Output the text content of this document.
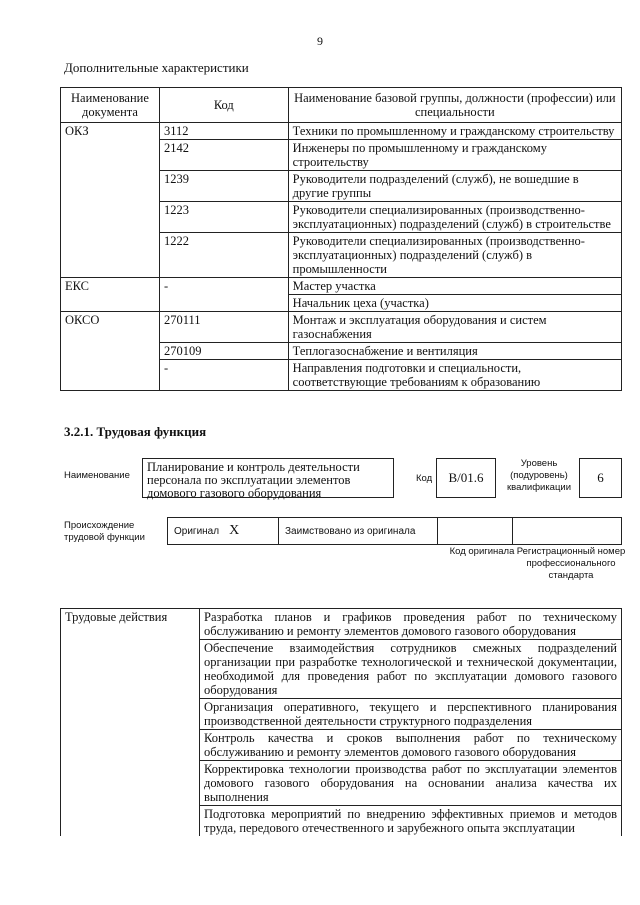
9
Дополнительные характеристики
Наименование документа	Код	Наименование базовой группы, должности (профессии) или специальности
ОКЗ	3112	Техники по промышленному и гражданскому строительству
	2142	Инженеры по промышленному и гражданскому строительству
	1239	Руководители подразделений (служб), не вошедшие в другие группы
	1223	Руководители специализированных (производственно-эксплуатационных) подразделений (служб) в строительстве
	1222	Руководители специализированных (производственно-эксплуатационных) подразделений (служб) в промышленности
ЕКС	-	Мастер участка
		Начальник цеха (участка)
ОКСО	270111	Монтаж и эксплуатация оборудования и систем газоснабжения
	270109	Теплогазоснабжение и вентиляция
	-	Направления подготовки и специальности, соответствующие требованиям к образованию
3.2.1. Трудовая функция
Наименование
Планирование и контроль деятельности персонала по эксплуатации элементов домового газового оборудования
Код	В/01.6
Уровень (подуровень) квалификации
6
Происхождение трудовой функции
Оригинал X	Заимствовано из оригинала
Код оригинала Регистрационный номер профессионального стандарта
Трудовые действия	Разработка планов и графиков проведения работ по техническому обслуживанию и ремонту элементов домового газового оборудования
Обеспечение взаимодействия сотрудников смежных подразделений организации при разработке технологической и технической документации, необходимой для проведения работ по эксплуатации домового газового оборудования
Организация оперативного, текущего и перспективного планирования производственной деятельности структурного подразделения
Контроль качества и сроков выполнения работ по техническому обслуживанию и ремонту элементов домового газового оборудования
Корректировка технологии производства работ по эксплуатации элементов домового газового оборудования на основании анализа качества их выполнения
Подготовка мероприятий по внедрению эффективных приемов и методов труда, передового отечественного и зарубежного опыта эксплуатации
